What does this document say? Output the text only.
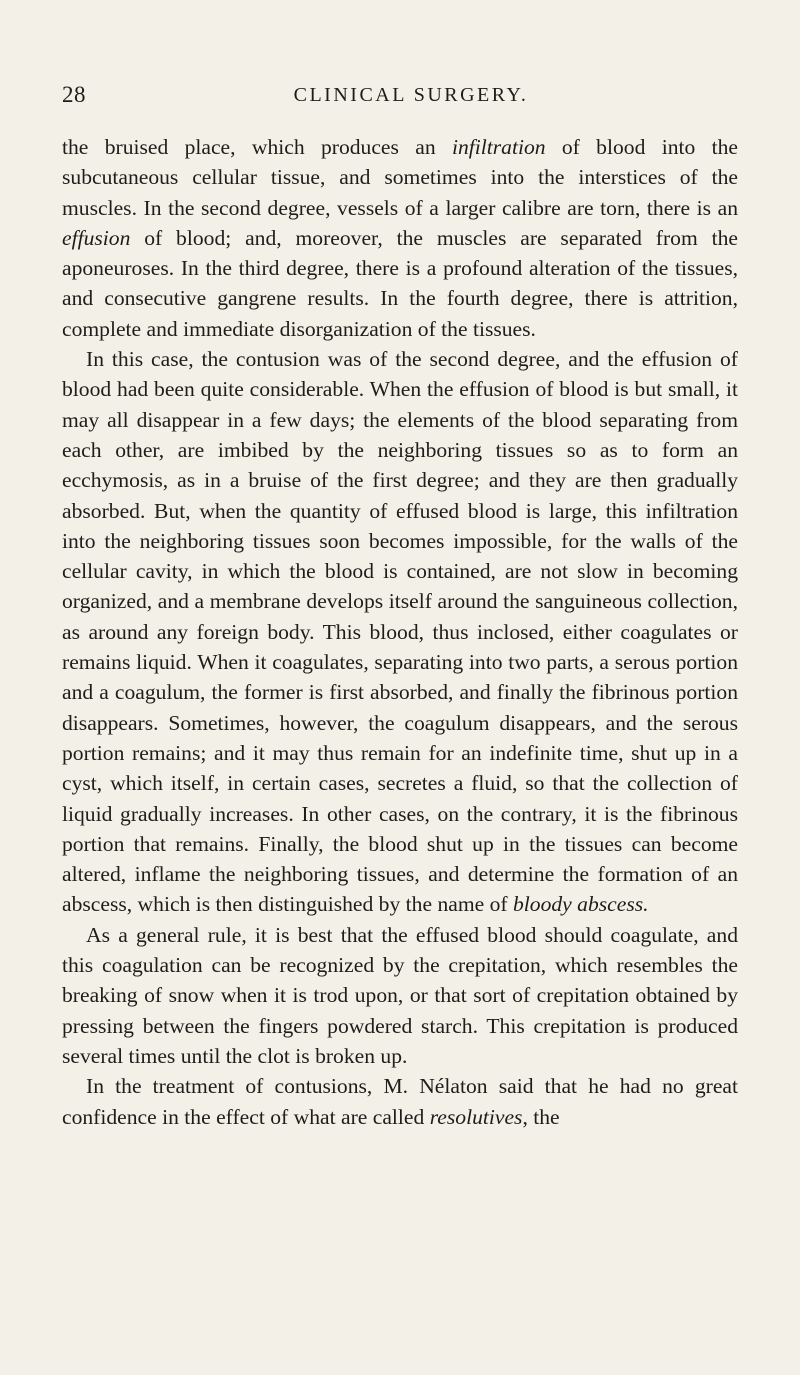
28	CLINICAL SURGERY.

the bruised place, which produces an infiltration of blood into the subcutaneous cellular tissue, and sometimes into the interstices of the muscles. In the second degree, vessels of a larger calibre are torn, there is an effusion of blood; and, moreover, the muscles are separated from the aponeuroses. In the third degree, there is a profound alteration of the tissues, and consecutive gangrene results. In the fourth degree, there is attrition, complete and immediate disorganization of the tissues.

In this case, the contusion was of the second degree, and the effusion of blood had been quite considerable. When the effusion of blood is but small, it may all disappear in a few days; the elements of the blood separating from each other, are imbibed by the neighboring tissues so as to form an ecchymosis, as in a bruise of the first degree; and they are then gradually absorbed. But, when the quantity of effused blood is large, this infiltration into the neighboring tissues soon becomes impossible, for the walls of the cellular cavity, in which the blood is contained, are not slow in becoming organized, and a membrane develops itself around the sanguineous collection, as around any foreign body. This blood, thus inclosed, either coagulates or remains liquid. When it coagulates, separating into two parts, a serous portion and a coagulum, the former is first absorbed, and finally the fibrinous portion disappears. Sometimes, however, the coagulum disappears, and the serous portion remains; and it may thus remain for an indefinite time, shut up in a cyst, which itself, in certain cases, secretes a fluid, so that the collection of liquid gradually increases. In other cases, on the contrary, it is the fibrinous portion that remains. Finally, the blood shut up in the tissues can become altered, inflame the neighboring tissues, and determine the formation of an abscess, which is then distinguished by the name of bloody abscess.

As a general rule, it is best that the effused blood should coagulate, and this coagulation can be recognized by the crepitation, which resembles the breaking of snow when it is trod upon, or that sort of crepitation obtained by pressing between the fingers powdered starch. This crepitation is produced several times until the clot is broken up.

In the treatment of contusions, M. Nélaton said that he had no great confidence in the effect of what are called resolutives, the
